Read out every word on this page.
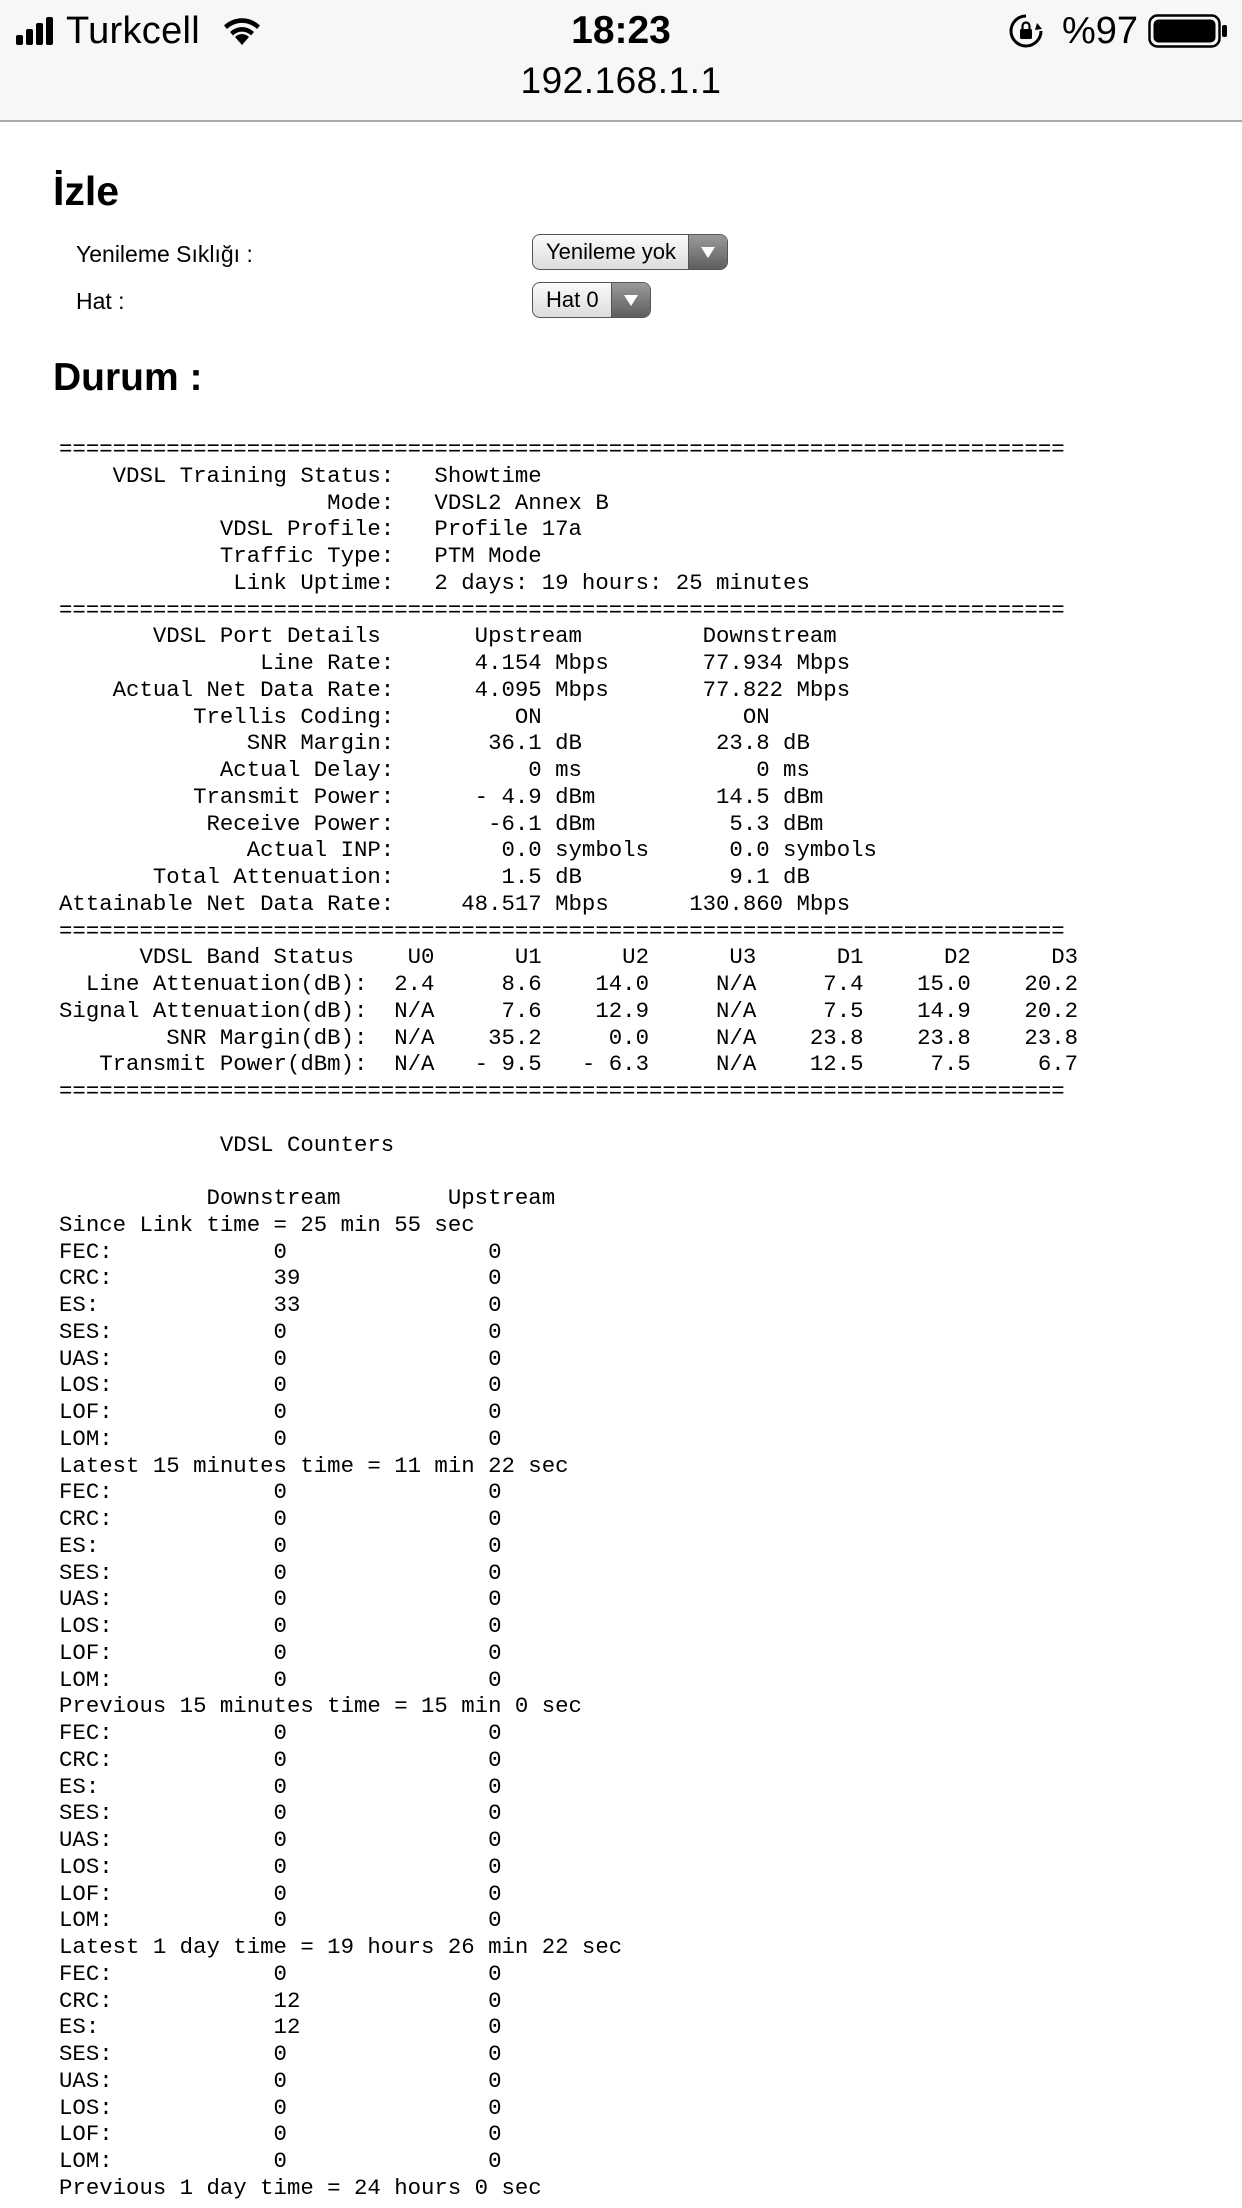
Turkcell	18:23	%97
192.168.1.1
İzle
Yenileme Sıklığı :	Yenileme yok
Hat :	Hat 0
Durum :
===========================================================================
VDSL Training Status:   Showtime
Mode:   VDSL2 Annex B
VDSL Profile:   Profile 17a
Traffic Type:   PTM Mode
Link Uptime:   2 days: 19 hours: 25 minutes
===========================================================================
VDSL Port Details       Upstream         Downstream
Line Rate:      4.154 Mbps       77.934 Mbps
Actual Net Data Rate:      4.095 Mbps       77.822 Mbps
Trellis Coding:         ON               ON
SNR Margin:       36.1 dB          23.8 dB
Actual Delay:          0 ms             0 ms
Transmit Power:      - 4.9 dBm         14.5 dBm
Receive Power:       -6.1 dBm          5.3 dBm
Actual INP:        0.0 symbols      0.0 symbols
Total Attenuation:        1.5 dB           9.1 dB
Attainable Net Data Rate:     48.517 Mbps      130.860 Mbps
===========================================================================
VDSL Band Status    U0      U1      U2      U3      D1      D2      D3
Line Attenuation(dB):  2.4     8.6    14.0     N/A     7.4    15.0    20.2
Signal Attenuation(dB):  N/A     7.6    12.9     N/A     7.5    14.9    20.2
SNR Margin(dB):  N/A    35.2     0.0     N/A    23.8    23.8    23.8
Transmit Power(dBm):  N/A   - 9.5   - 6.3     N/A    12.5     7.5     6.7
===========================================================================
VDSL Counters
Downstream        Upstream
Since Link time = 25 min 55 sec
FEC:            0               0
CRC:            39              0
ES:             33              0
SES:            0               0
UAS:            0               0
LOS:            0               0
LOF:            0               0
LOM:            0               0
Latest 15 minutes time = 11 min 22 sec
FEC:            0               0
CRC:            0               0
ES:             0               0
SES:            0               0
UAS:            0               0
LOS:            0               0
LOF:            0               0
LOM:            0               0
Previous 15 minutes time = 15 min 0 sec
FEC:            0               0
CRC:            0               0
ES:             0               0
SES:            0               0
UAS:            0               0
LOS:            0               0
LOF:            0               0
LOM:            0               0
Latest 1 day time = 19 hours 26 min 22 sec
FEC:            0               0
CRC:            12              0
ES:             12              0
SES:            0               0
UAS:            0               0
LOS:            0               0
LOF:            0               0
LOM:            0               0
Previous 1 day time = 24 hours 0 sec
